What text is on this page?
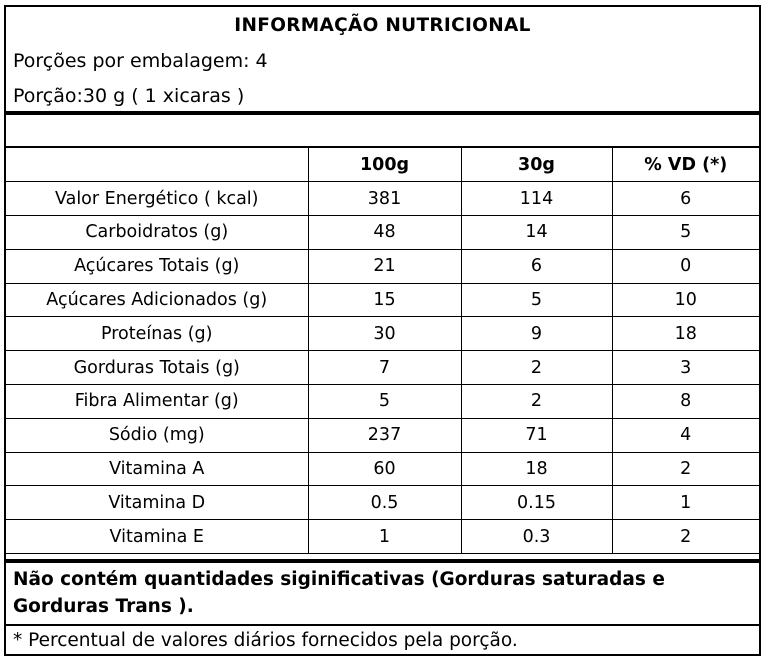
INFORMAÇÃO NUTRICIONAL
Porções por embalagem: 4
Porção:30 g ( 1 xicaras )
	100g	30g	% VD (*)
Valor Energético ( kcal)	381	114	6
Carboidratos (g)	48	14	5
Açúcares Totais (g)	21	6	0
Açúcares Adicionados (g)	15	5	10
Proteínas (g)	30	9	18
Gorduras Totais (g)	7	2	3
Fibra Alimentar (g)	5	2	8
Sódio (mg)	237	71	4
Vitamina A	60	18	2
Vitamina D	0.5	0.15	1
Vitamina E	1	0.3	2
Não contém quantidades siginificativas (Gorduras saturadas e Gorduras Trans ).
* Percentual de valores diários fornecidos pela porção.
